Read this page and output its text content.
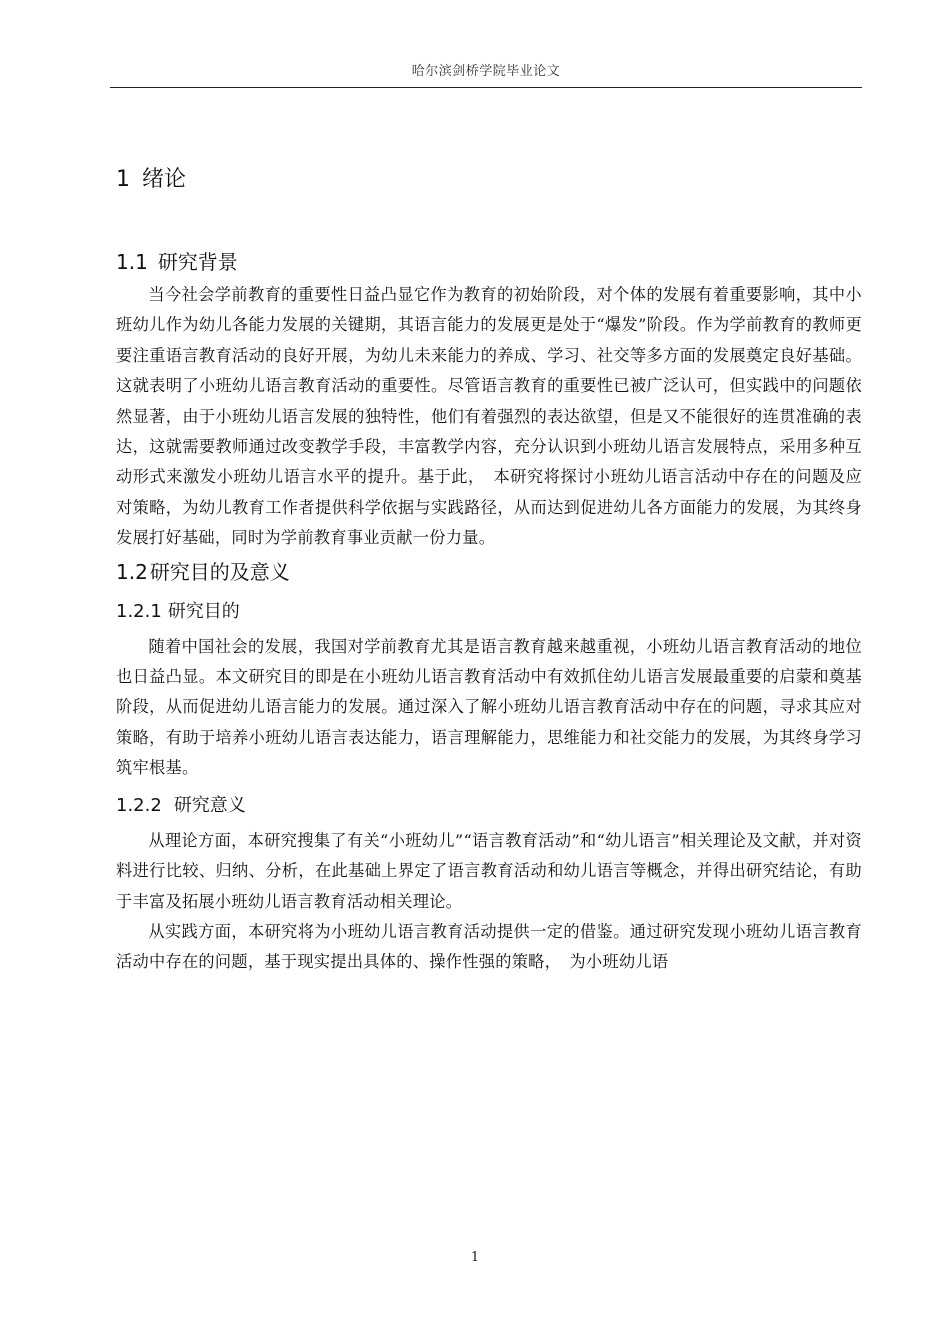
哈尔滨剑桥学院毕业论文
1 绪论
1.1 研究背景

当今社会学前教育的重要性日益凸显它作为教育的初始阶段，对个体的发展有着重要影响，其中小班幼儿作为幼儿各能力发展的关键期，其语言能力的发展更是处于“爆发”阶段。作为学前教育的教师更要注重语言教育活动的良好开展，为幼儿未来能力的养成、学习、社交等多方面的发展奠定良好基础。这就表明了小班幼儿语言教育活动的重要性。尽管语言教育的重要性已被广泛认可，但实践中的问题依然显著，由于小班幼儿语言发展的独特性，他们有着强烈的表达欲望，但是又不能很好的连贯准确的表达，这就需要教师通过改变教学手段，丰富教学内容，充分认识到小班幼儿语言发展特点，采用多种互动形式来激发小班幼儿语言水平的提升。基于此，　本研究将探讨小班幼儿语言活动中存在的问题及应对策略，为幼儿教育工作者提供科学依据与实践路径，从而达到促进幼儿各方面能力的发展，为其终身发展打好基础，同时为学前教育事业贡献一份力量。

1.2 研究目的及意义
1.2.1 研究目的

随着中国社会的发展，我国对学前教育尤其是语言教育越来越重视，小班幼儿语言教育活动的地位也日益凸显。本文研究目的即是在小班幼儿语言教育活动中有效抓住幼儿语言发展最重要的启蒙和奠基阶段，从而促进幼儿语言能力的发展。通过深入了解小班幼儿语言教育活动中存在的问题，寻求其应对策略，有助于培养小班幼儿语言表达能力，语言理解能力，思维能力和社交能力的发展，为其终身学习筑牢根基。

1.2.2 研究意义

从理论方面，本研究搜集了有关“小班幼儿”“语言教育活动”和“幼儿语言”相关理论及文献，并对资料进行比较、归纳、分析，在此基础上界定了语言教育活动和幼儿语言等概念，并得出研究结论，有助于丰富及拓展小班幼儿语言教育活动相关理论。

从实践方面，本研究将为小班幼儿语言教育活动提供一定的借鉴。通过研究发现小班幼儿语言教育活动中存在的问题，基于现实提出具体的、操作性强的策略，　为小班幼儿语

1
